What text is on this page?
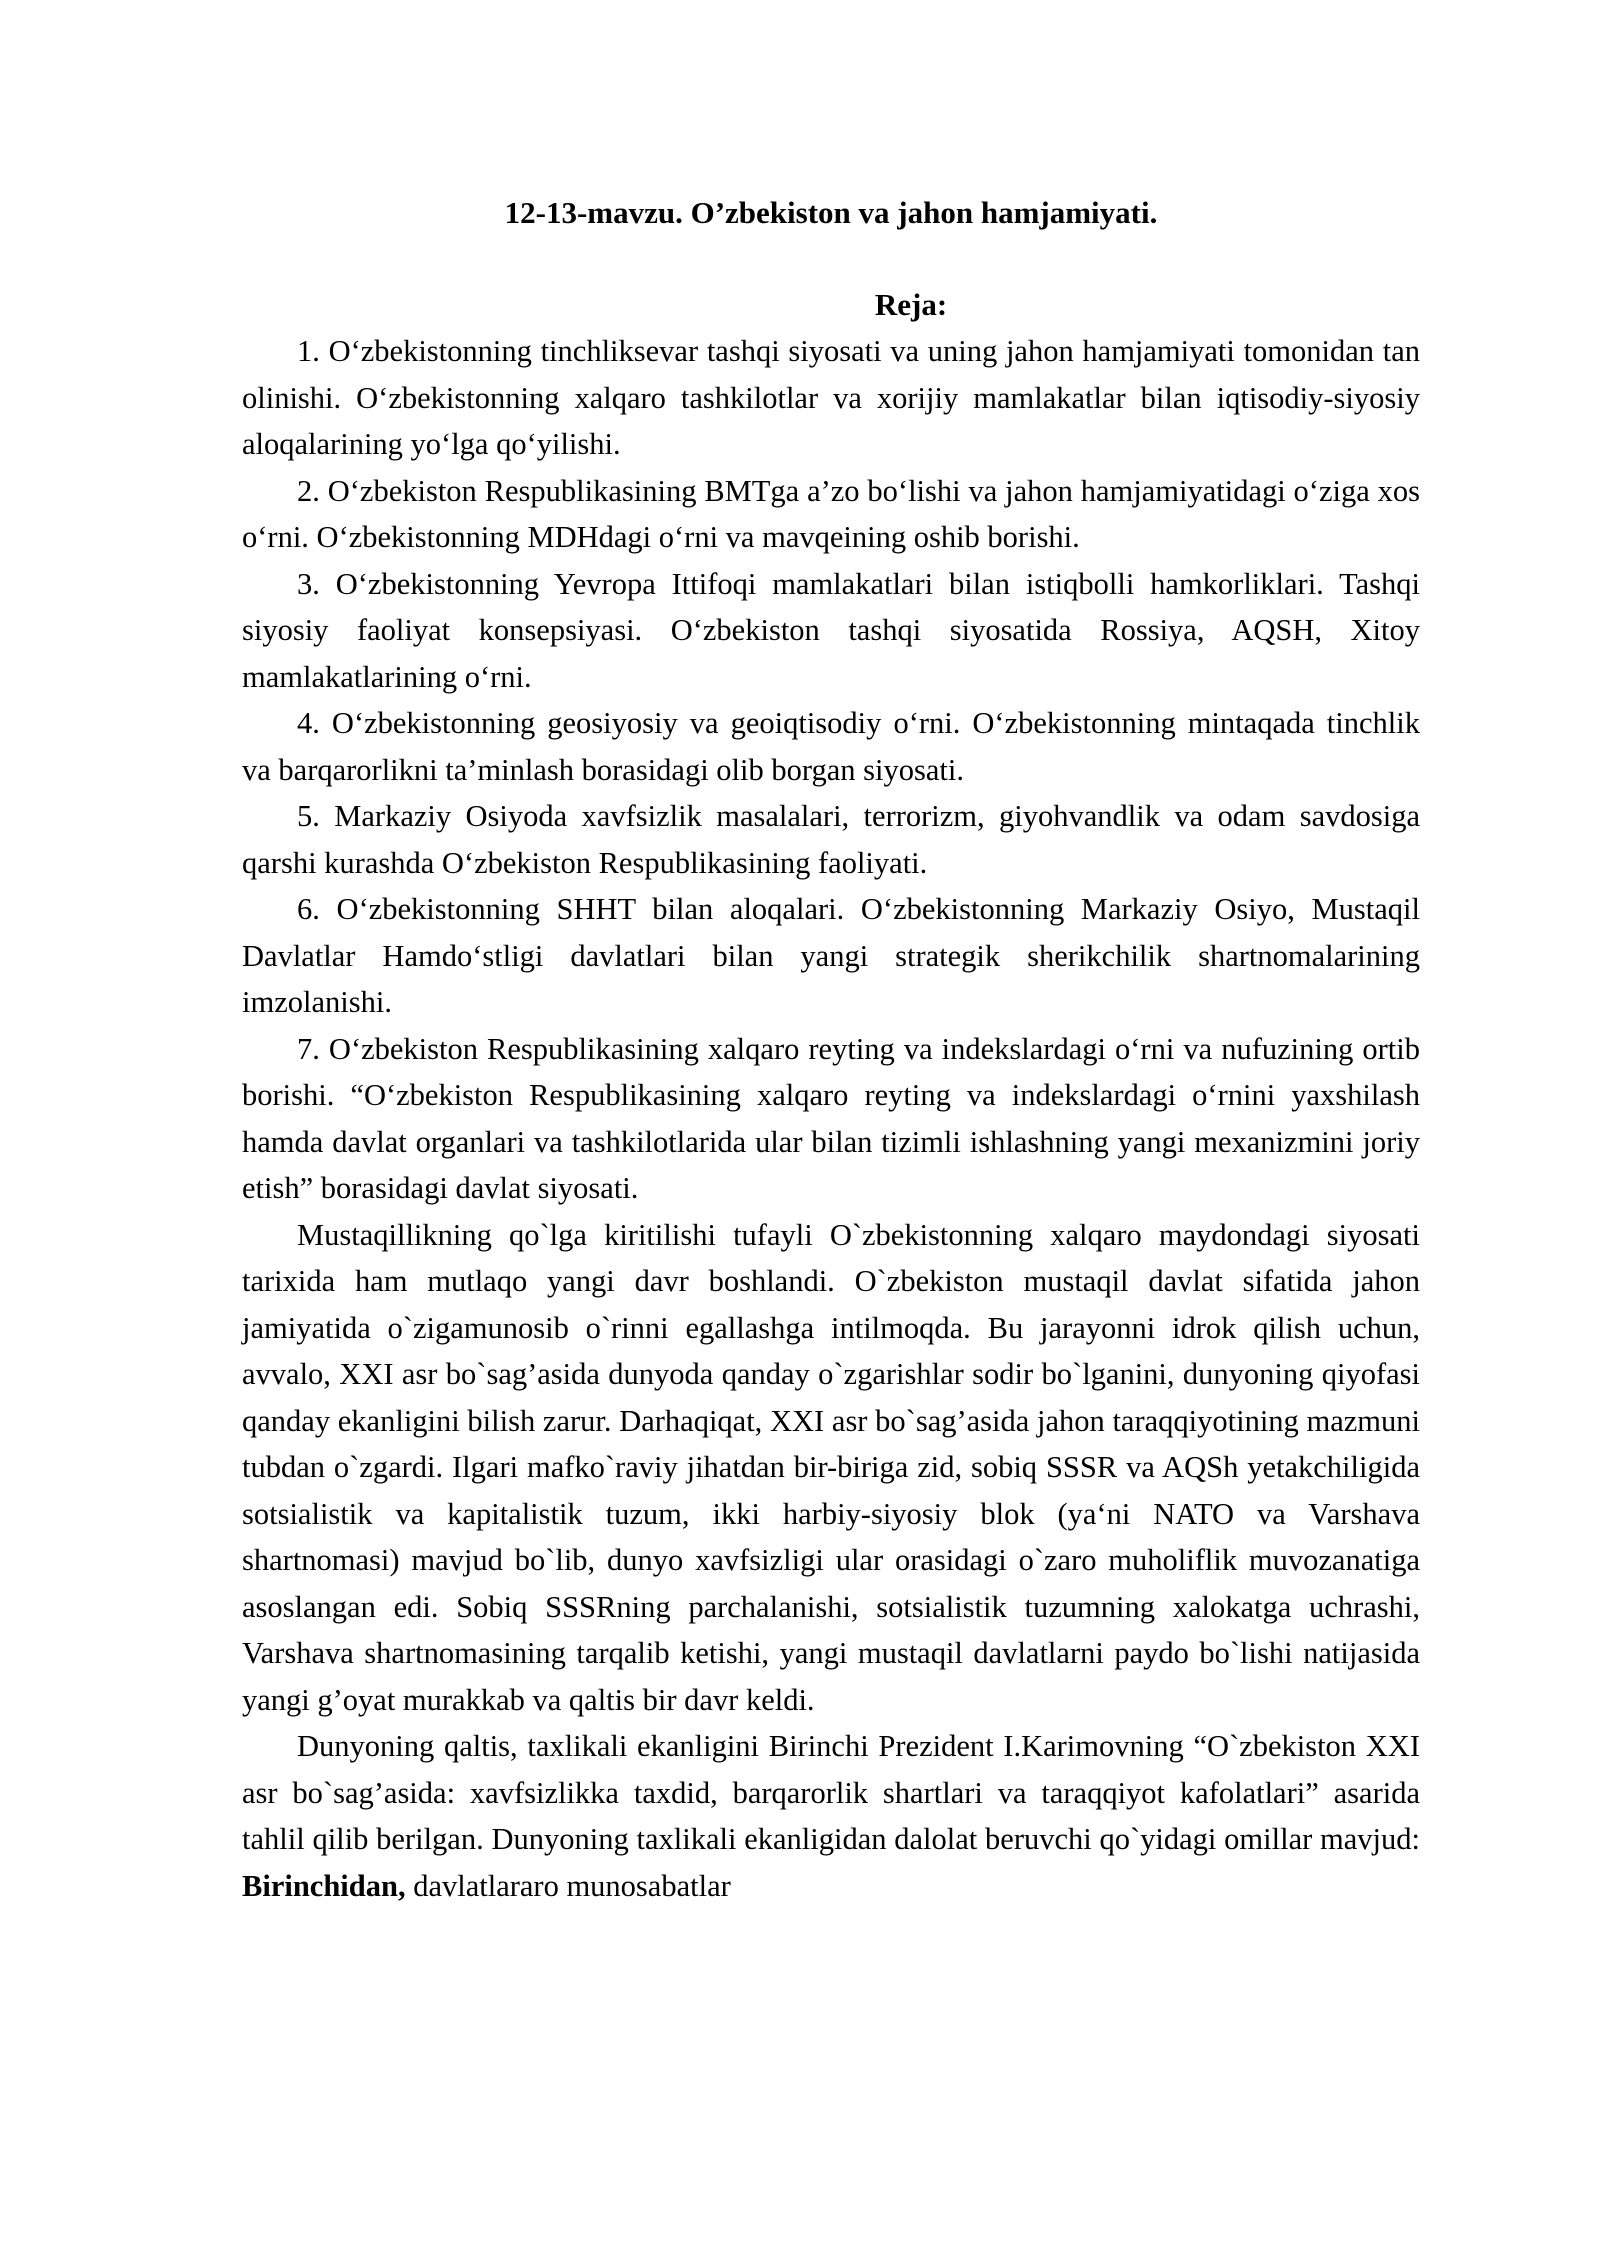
12-13-mavzu. O’zbekiston va jahon hamjamiyati.

Reja:

1. O‘zbekistonning tinchliksevar tashqi siyosati va uning jahon hamjamiyati tomonidan tan olinishi. O‘zbekistonning xalqaro tashkilotlar va xorijiy mamlakatlar bilan iqtisodiy-siyosiy aloqalarining yo‘lga qo‘yilishi.

2. O‘zbekiston Respublikasining BMTga a’zo bo‘lishi va jahon hamjamiyatidagi o‘ziga xos o‘rni. O‘zbekistonning MDHdagi o‘rni va mavqeining oshib borishi.

3. O‘zbekistonning Yevropa Ittifoqi mamlakatlari bilan istiqbolli hamkorliklari. Tashqi siyosiy faoliyat konsepsiyasi. O‘zbekiston tashqi siyosatida Rossiya, AQSH, Xitoy mamlakatlarining o‘rni.

4. O‘zbekistonning geosiyosiy va geoiqtisodiy o‘rni. O‘zbekistonning mintaqada tinchlik va barqarorlikni ta’minlash borasidagi olib borgan siyosati.

5. Markaziy Osiyoda xavfsizlik masalalari, terrorizm, giyohvandlik va odam savdosiga qarshi kurashda O‘zbekiston Respublikasining faoliyati.

6. O‘zbekistonning SHHT bilan aloqalari. O‘zbekistonning Markaziy Osiyo, Mustaqil Davlatlar Hamdo‘stligi davlatlari bilan yangi strategik sherikchilik shartnomalarining imzolanishi.

7. O‘zbekiston Respublikasining xalqaro reyting va indekslardagi o‘rni va nufuzining ortib borishi. “O‘zbekiston Respublikasining xalqaro reyting va indekslardagi o‘rnini yaxshilash hamda davlat organlari va tashkilotlarida ular bilan tizimli ishlashning yangi mexanizmini joriy etish” borasidagi davlat siyosati.

Mustaqillikning qo`lga kiritilishi tufayli O`zbekistonning xalqaro maydondagi siyosati tarixida ham mutlaqo yangi davr boshlandi. O`zbekiston mustaqil davlat sifatida jahon jamiyatida o`zigamunosib o`rinni egallashga intilmoqda. Bu jarayonni idrok qilish uchun, avvalo, XXI asr bo`sag’asida dunyoda qanday o`zgarishlar sodir bo`lganini, dunyoning qiyofasi qanday ekanligini bilish zarur. Darhaqiqat, XXI asr bo`sag’asida jahon taraqqiyotining mazmuni tubdan o`zgardi. Ilgari mafko`raviy jihatdan bir-biriga zid, sobiq SSSR va AQSh yetakchiligida sotsialistik va kapitalistik tuzum, ikki harbiy-siyosiy blok (ya‘ni NATO va Varshava shartnomasi) mavjud bo`lib, dunyo xavfsizligi ular orasidagi o`zaro muholiflik muvozanatiga asoslangan edi. Sobiq SSSRning parchalanishi, sotsialistik tuzumning xalokatga uchrashi, Varshava shartnomasining tarqalib ketishi, yangi mustaqil davlatlarni paydo bo`lishi natijasida yangi g’oyat murakkab va qaltis bir davr keldi.

Dunyoning qaltis, taxlikali ekanligini Birinchi Prezident I.Karimovning “O`zbekiston XXI asr bo`sag’asida: xavfsizlikka taxdid, barqarorlik shartlari va taraqqiyot kafolatlari” asarida tahlil qilib berilgan. Dunyoning taxlikali ekanligidan dalolat beruvchi qo`yidagi omillar mavjud: Birinchidan, davlatlararo munosabatlar
